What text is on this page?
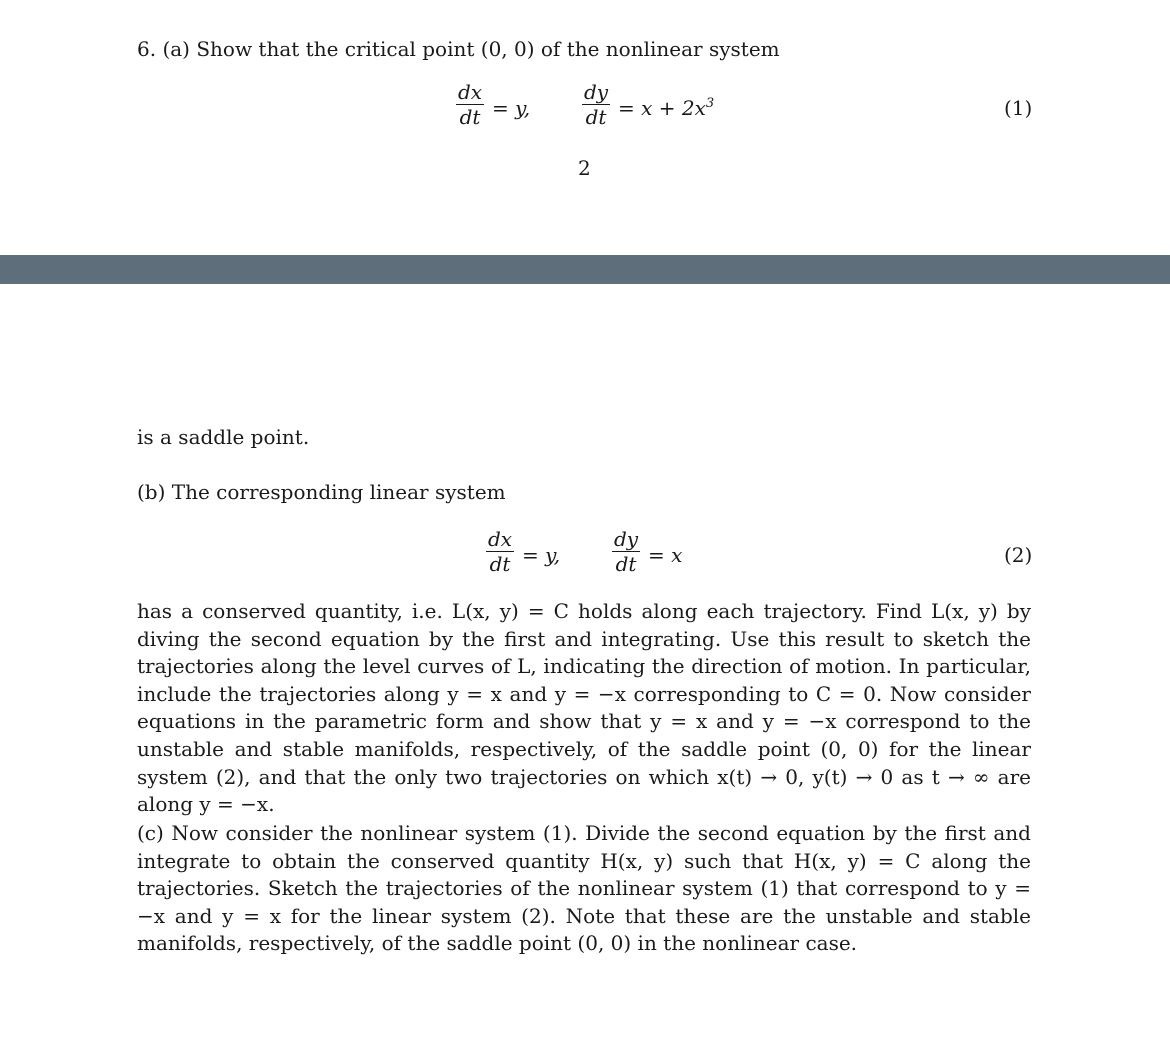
6. (a) Show that the critical point (0, 0) of the nonlinear system
dx
dt = y,
dy
dt = $x + 2x^3$	(1)
2
is a saddle point.
(b) The corresponding linear system
dx
dt = y,
dy
dt = x	(2)
has a conserved quantity, i.e. L(x, y) = C holds along each trajectory. Find L(x, y) by diving the second equation by the first and integrating. Use this result to sketch the trajectories along the level curves of L, indicating the direction of motion. In particular, include the trajectories along y = x and y = −x corresponding to C = 0. Now consider equations in the parametric form and show that y = x and y = −x correspond to the unstable and stable manifolds, respectively, of the saddle point (0, 0) for the linear system (2), and that the only two trajectories on which x(t) → 0, y(t) → 0 as t → ∞ are along y = −x.
(c) Now consider the nonlinear system (1). Divide the second equation by the first and integrate to obtain the conserved quantity H(x, y) such that H(x, y) = C along the trajectories. Sketch the trajectories of the nonlinear system (1) that correspond to y = −x and y = x for the linear system (2). Note that these are the unstable and stable manifolds, respectively, of the saddle point (0, 0) in the nonlinear case.
